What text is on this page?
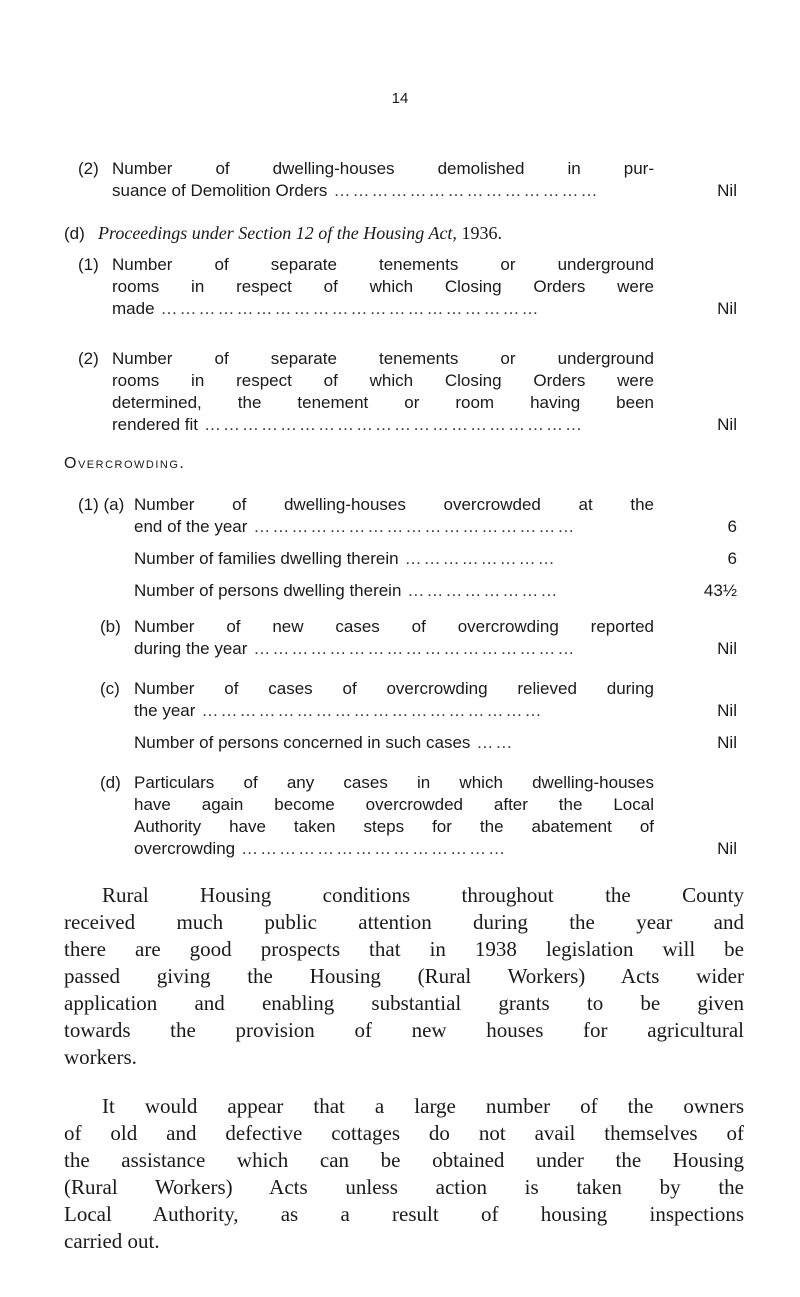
14
(2) Number of dwelling-houses demolished in pur-
suance of Demolition Orders ……………………………………	Nil
(d) Proceedings under Section 12 of the Housing Act, 1936.
(1) Number of separate tenements or underground
rooms in respect of which Closing Orders were
made ……………………………………………………	Nil
(2) Number of separate tenements or underground
rooms in respect of which Closing Orders were
determined, the tenement or room having been
rendered fit ……………………………………………………	Nil
Overcrowding.
(1) (a) Number of dwelling-houses overcrowded at the
end of the year ……………………………………………	6
Number of families dwelling therein ……………………	6
Number of persons dwelling therein ……………………	43½
(b) Number of new cases of overcrowding reported
during the year ……………………………………………	Nil
(c) Number of cases of overcrowding relieved during
the year ………………………………………………	Nil
Number of persons concerned in such cases ……	Nil
(d) Particulars of any cases in which dwelling-houses
have again become overcrowded after the Local
Authority have taken steps for the abatement of
overcrowding ……………………………………	Nil
Rural Housing conditions throughout the County
received much public attention during the year and
there are good prospects that in 1938 legislation will be
passed giving the Housing (Rural Workers) Acts wider
application and enabling substantial grants to be given
towards the provision of new houses for agricultural
workers.
It would appear that a large number of the owners
of old and defective cottages do not avail themselves of
the assistance which can be obtained under the Housing
(Rural Workers) Acts unless action is taken by the
Local Authority, as a result of housing inspections
carried out.
